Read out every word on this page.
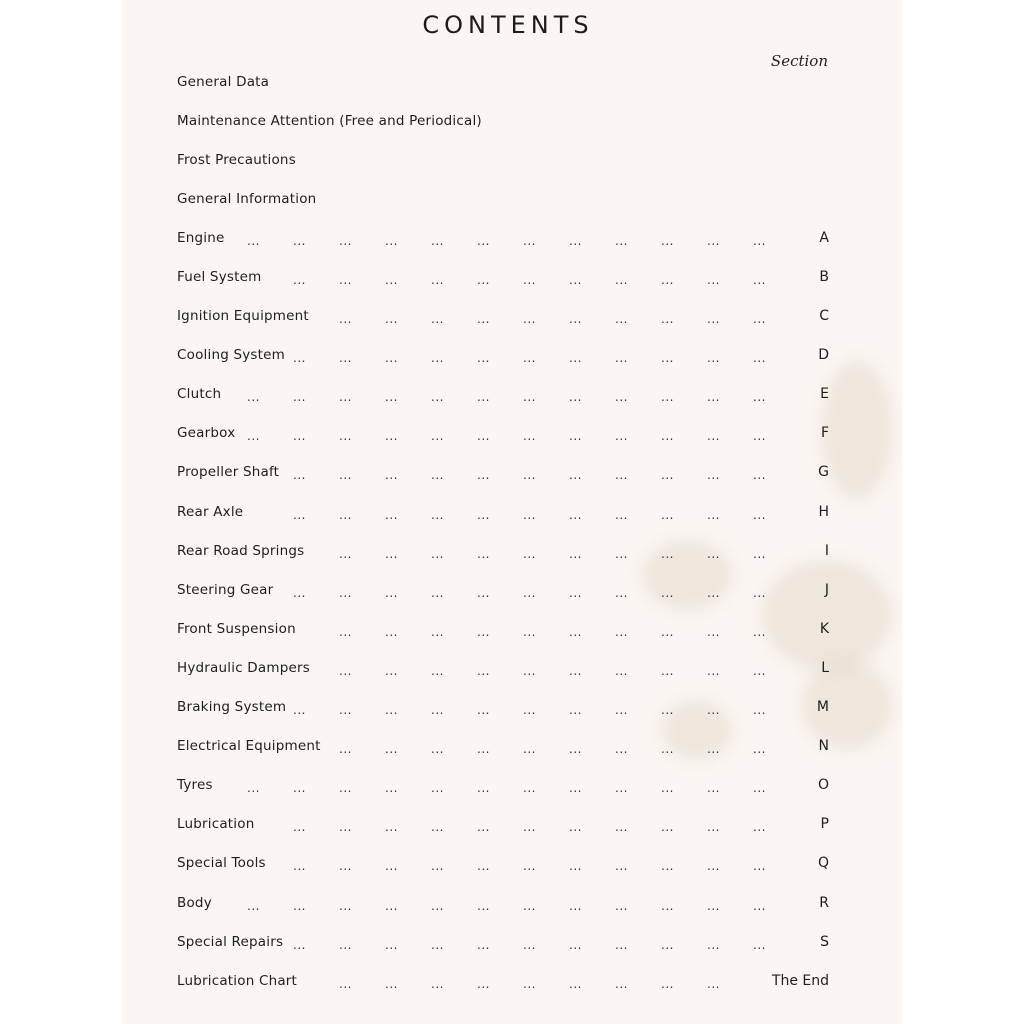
CONTENTS
Section
General Data
Maintenance Attention (Free and Periodical)
Frost Precautions
General Information
Engine ...	...	...	...	...	...	...	...	...	...	...	...	A
Fuel System	...	...	...	...	...	...	...	...	...	...	...	B
Ignition Equipment	...	...	...	...	...	...	...	...	...	...	C
Cooling System ...	...	...	...	...	...	...	...	...	...	...	D
Clutch ...	...	...	...	...	...	...	...	...	...	...	...	E
Gearbox ...	...	...	...	...	...	...	...	...	...	...	...	F
Propeller Shaft ...	...	...	...	...	...	...	...	...	...	...	G
Rear Axle	...	...	...	...	...	...	...	...	...	...	...	H
Rear Road Springs	...	...	...	...	...	...	...	...	...	...	I
Steering Gear ...	...	...	...	...	...	...	...	...	...	...	J
Front Suspension	...	...	...	...	...	...	...	...	...	...	K
Hydraulic Dampers ...	...	...	...	...	...	...	...	...	...	L
Braking System ...	...	...	...	...	...	...	...	...	...	...	M
Electrical Equipment ...	...	...	...	...	...	...	...	...	...	N
Tyres	...	...	...	...	...	...	...	...	...	...	...	...	O
Lubrication	...	...	...	...	...	...	...	...	...	...	...	P
Special Tools ...	...	...	...	...	...	...	...	...	...	...	Q
Body	...	...	...	...	...	...	...	...	...	...	...	...	R
Special Repairs ...	...	...	...	...	...	...	...	...	...	...	S
Lubrication Chart	...	...	...	...	...	...	...	...	...	The End
